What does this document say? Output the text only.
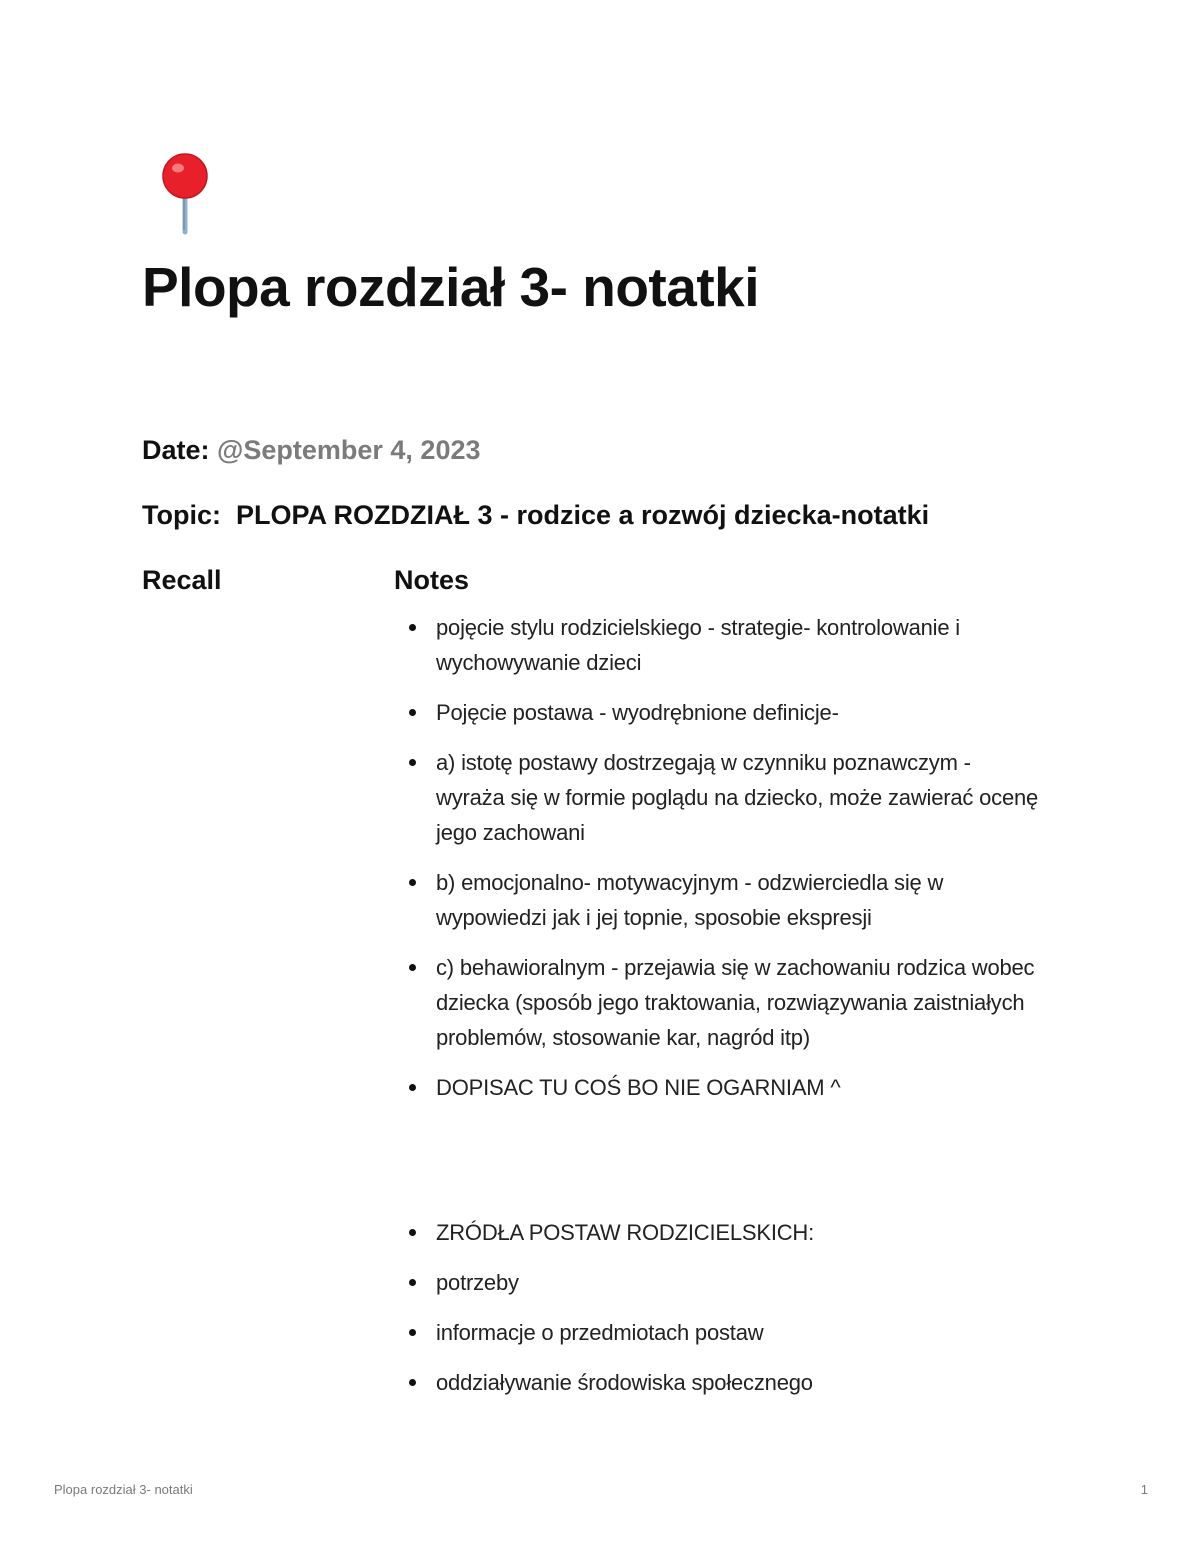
Plopa rozdział 3- notatki
Date: @September 4, 2023
Topic: PLOPA ROZDZIAŁ 3 - rodzice a rozwój dziecka-notatki
Recall	Notes
pojęcie stylu rodzicielskiego - strategie- kontrolowanie i wychowywanie dzieci
Pojęcie postawa - wyodrębnione definicje-
a) istotę postawy dostrzegają w czynniku poznawczym - wyraża się w formie poglądu na dziecko, może zawierać ocenę jego zachowani
b) emocjonalno- motywacyjnym - odzwierciedla się w wypowiedzi jak i jej topnie, sposobie ekspresji
c) behawioralnym - przejawia się w zachowaniu rodzica wobec dziecka (sposób jego traktowania, rozwiązywania zaistniałych problemów, stosowanie kar, nagród itp)
DOPISAC TU COŚ BO NIE OGARNIAM ^
ZRÓDŁA POSTAW RODZICIELSKICH:
potrzeby
informacje o przedmiotach postaw
oddziaływanie środowiska społecznego
Plopa rozdział 3- notatki	1
